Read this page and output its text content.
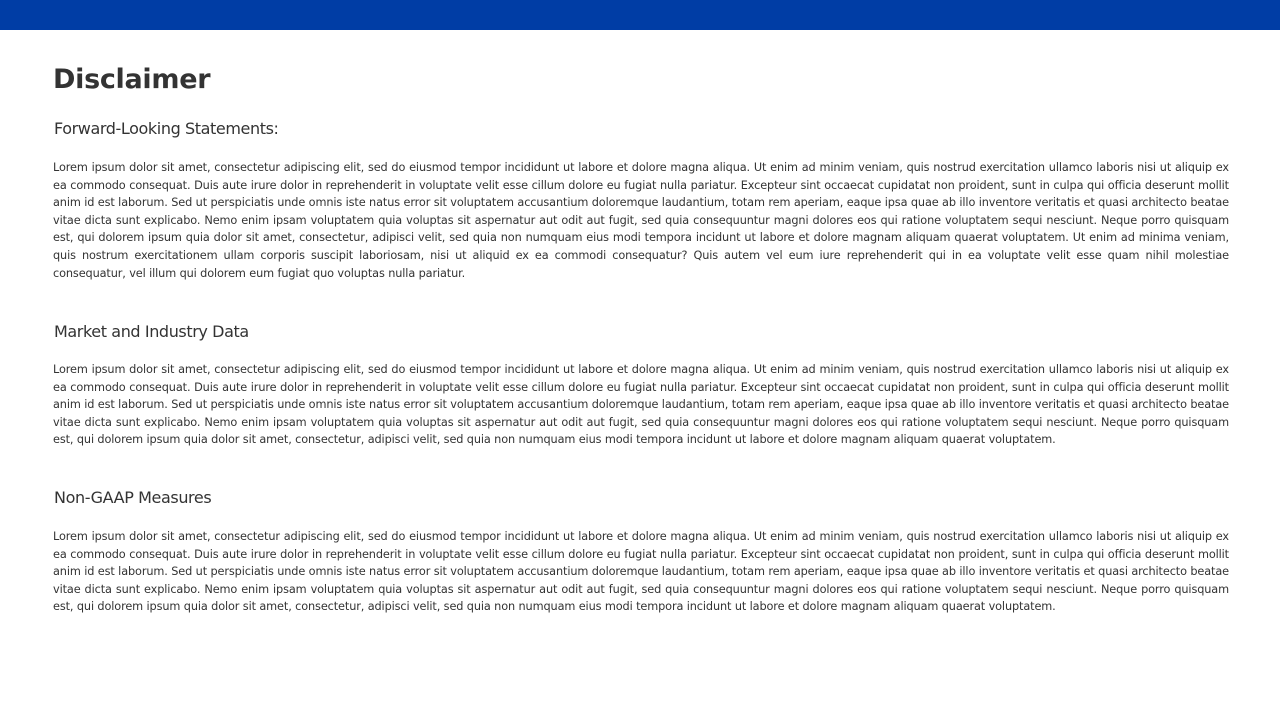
Disclaimer
Forward-Looking Statements:

Lorem ipsum dolor sit amet, consectetur adipiscing elit, sed do eiusmod tempor incididunt ut labore et dolore magna aliqua. Ut enim ad minim veniam, quis nostrud exercitation ullamco laboris nisi ut aliquip ex ea commodo consequat. Duis aute irure dolor in reprehenderit in voluptate velit esse cillum dolore eu fugiat nulla pariatur. Excepteur sint occaecat cupidatat non proident, sunt in culpa qui officia deserunt mollit anim id est laborum. Sed ut perspiciatis unde omnis iste natus error sit voluptatem accusantium doloremque laudantium, totam rem aperiam, eaque ipsa quae ab illo inventore veritatis et quasi architecto beatae vitae dicta sunt explicabo. Nemo enim ipsam voluptatem quia voluptas sit aspernatur aut odit aut fugit, sed quia consequuntur magni dolores eos qui ratione voluptatem sequi nesciunt. Neque porro quisquam est, qui dolorem ipsum quia dolor sit amet, consectetur, adipisci velit, sed quia non numquam eius modi tempora incidunt ut labore et dolore magnam aliquam quaerat voluptatem. Ut enim ad minima veniam, quis nostrum exercitationem ullam corporis suscipit laboriosam, nisi ut aliquid ex ea commodi consequatur? Quis autem vel eum iure reprehenderit qui in ea voluptate velit esse quam nihil molestiae consequatur, vel illum qui dolorem eum fugiat quo voluptas nulla pariatur.

Market and Industry Data

Lorem ipsum dolor sit amet, consectetur adipiscing elit, sed do eiusmod tempor incididunt ut labore et dolore magna aliqua. Ut enim ad minim veniam, quis nostrud exercitation ullamco laboris nisi ut aliquip ex ea commodo consequat. Duis aute irure dolor in reprehenderit in voluptate velit esse cillum dolore eu fugiat nulla pariatur. Excepteur sint occaecat cupidatat non proident, sunt in culpa qui officia deserunt mollit anim id est laborum. Sed ut perspiciatis unde omnis iste natus error sit voluptatem accusantium doloremque laudantium, totam rem aperiam, eaque ipsa quae ab illo inventore veritatis et quasi architecto beatae vitae dicta sunt explicabo. Nemo enim ipsam voluptatem quia voluptas sit aspernatur aut odit aut fugit, sed quia consequuntur magni dolores eos qui ratione voluptatem sequi nesciunt. Neque porro quisquam est, qui dolorem ipsum quia dolor sit amet, consectetur, adipisci velit, sed quia non numquam eius modi tempora incidunt ut labore et dolore magnam aliquam quaerat voluptatem.

Non-GAAP Measures

Lorem ipsum dolor sit amet, consectetur adipiscing elit, sed do eiusmod tempor incididunt ut labore et dolore magna aliqua. Ut enim ad minim veniam, quis nostrud exercitation ullamco laboris nisi ut aliquip ex ea commodo consequat. Duis aute irure dolor in reprehenderit in voluptate velit esse cillum dolore eu fugiat nulla pariatur. Excepteur sint occaecat cupidatat non proident, sunt in culpa qui officia deserunt mollit anim id est laborum. Sed ut perspiciatis unde omnis iste natus error sit voluptatem accusantium doloremque laudantium, totam rem aperiam, eaque ipsa quae ab illo inventore veritatis et quasi architecto beatae vitae dicta sunt explicabo. Nemo enim ipsam voluptatem quia voluptas sit aspernatur aut odit aut fugit, sed quia consequuntur magni dolores eos qui ratione voluptatem sequi nesciunt. Neque porro quisquam est, qui dolorem ipsum quia dolor sit amet, consectetur, adipisci velit, sed quia non numquam eius modi tempora incidunt ut labore et dolore magnam aliquam quaerat voluptatem.
